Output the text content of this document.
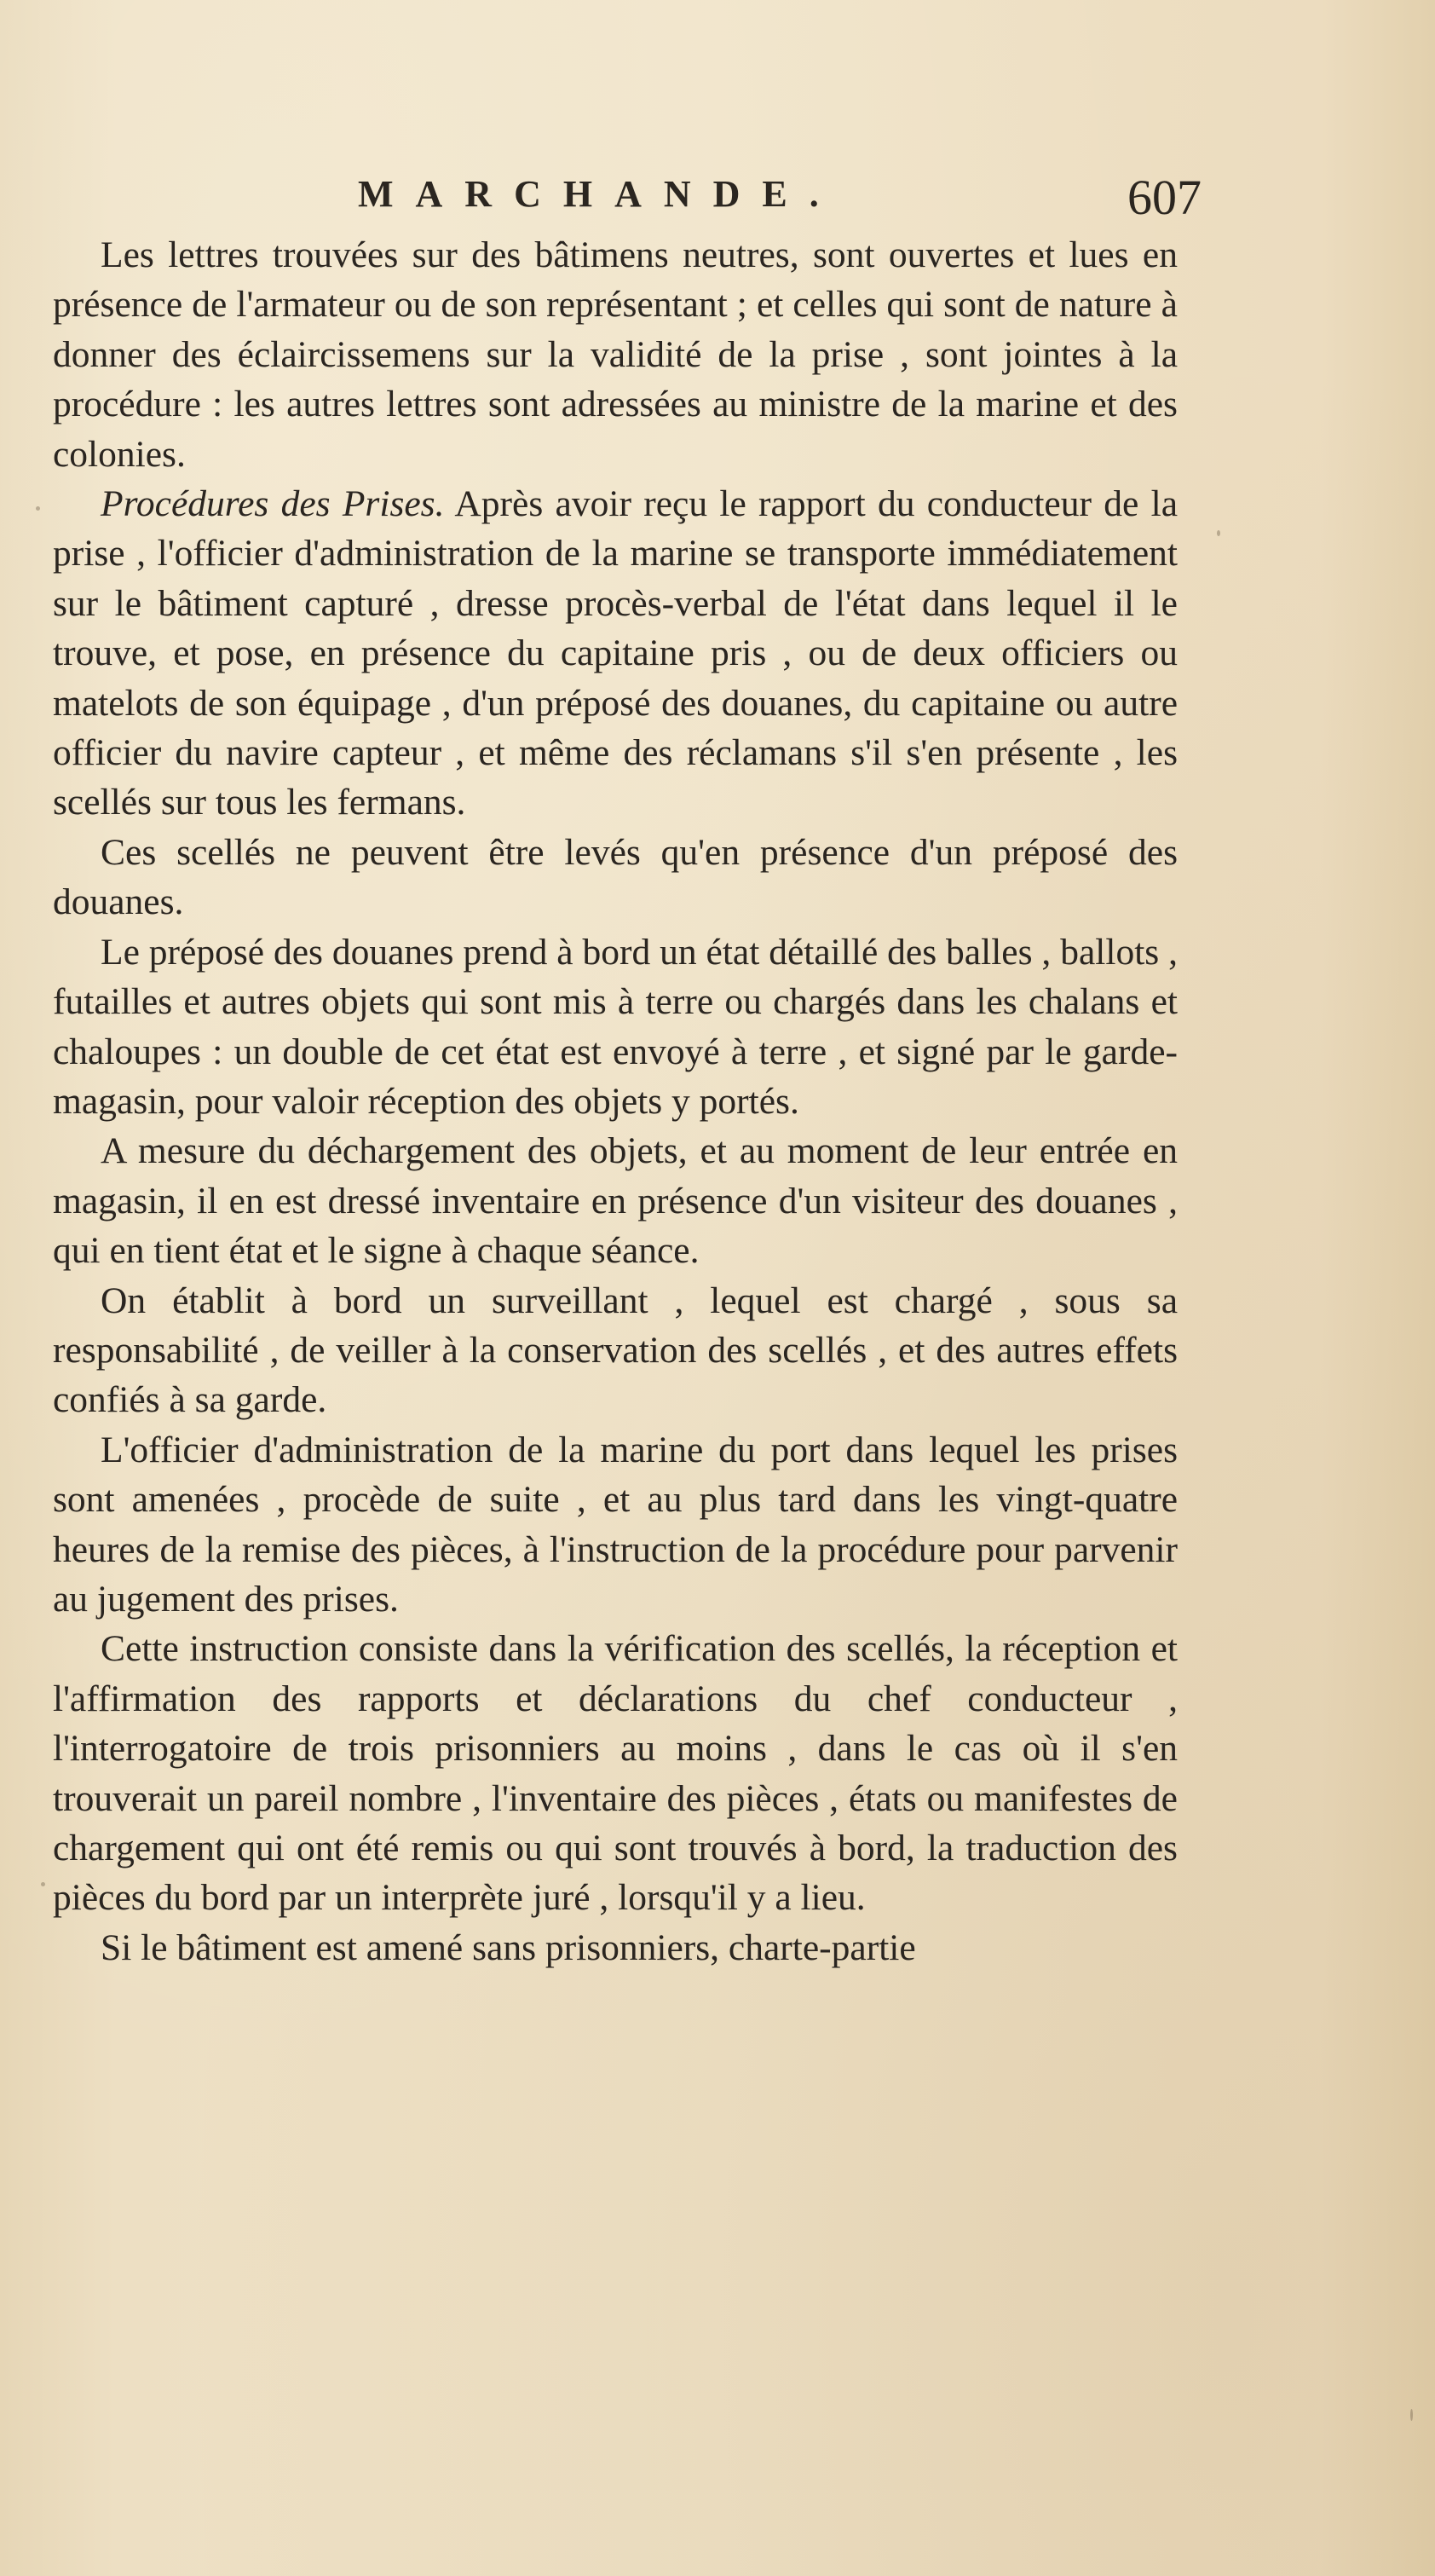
MARCHANDE.	607

Les lettres trouvées sur des bâtimens neutres, sont ouvertes et lues en présence de l'armateur ou de son représentant ; et celles qui sont de nature à donner des éclaircissemens sur la validité de la prise , sont jointes à la procédure : les autres lettres sont adressées au ministre de la marine et des colonies.

Procédures des Prises. Après avoir reçu le rapport du conducteur de la prise , l'officier d'administration de la marine se transporte immédiatement sur le bâtiment capturé , dresse procès-verbal de l'état dans lequel il le trouve, et pose, en présence du capitaine pris , ou de deux officiers ou matelots de son équipage , d'un préposé des douanes, du capitaine ou autre officier du navire capteur , et même des réclamans s'il s'en présente , les scellés sur tous les fermans.

Ces scellés ne peuvent être levés qu'en présence d'un préposé des douanes.

Le préposé des douanes prend à bord un état détaillé des balles , ballots , futailles et autres objets qui sont mis à terre ou chargés dans les chalans et chaloupes : un double de cet état est envoyé à terre , et signé par le garde-magasin, pour valoir réception des objets y portés.

A mesure du déchargement des objets, et au moment de leur entrée en magasin, il en est dressé inventaire en présence d'un visiteur des douanes , qui en tient état et le signe à chaque séance.

On établit à bord un surveillant , lequel est chargé , sous sa responsabilité , de veiller à la conservation des scellés , et des autres effets confiés à sa garde.

L'officier d'administration de la marine du port dans lequel les prises sont amenées , procède de suite , et au plus tard dans les vingt-quatre heures de la remise des pièces, à l'instruction de la procédure pour parvenir au jugement des prises.

Cette instruction consiste dans la vérification des scellés, la réception et l'affirmation des rapports et déclarations du chef conducteur , l'interrogatoire de trois prisonniers au moins , dans le cas où il s'en trouverait un pareil nombre , l'inventaire des pièces , états ou manifestes de chargement qui ont été remis ou qui sont trouvés à bord, la traduction des pièces du bord par un interprète juré , lorsqu'il y a lieu.

Si le bâtiment est amené sans prisonniers, charte-partie
